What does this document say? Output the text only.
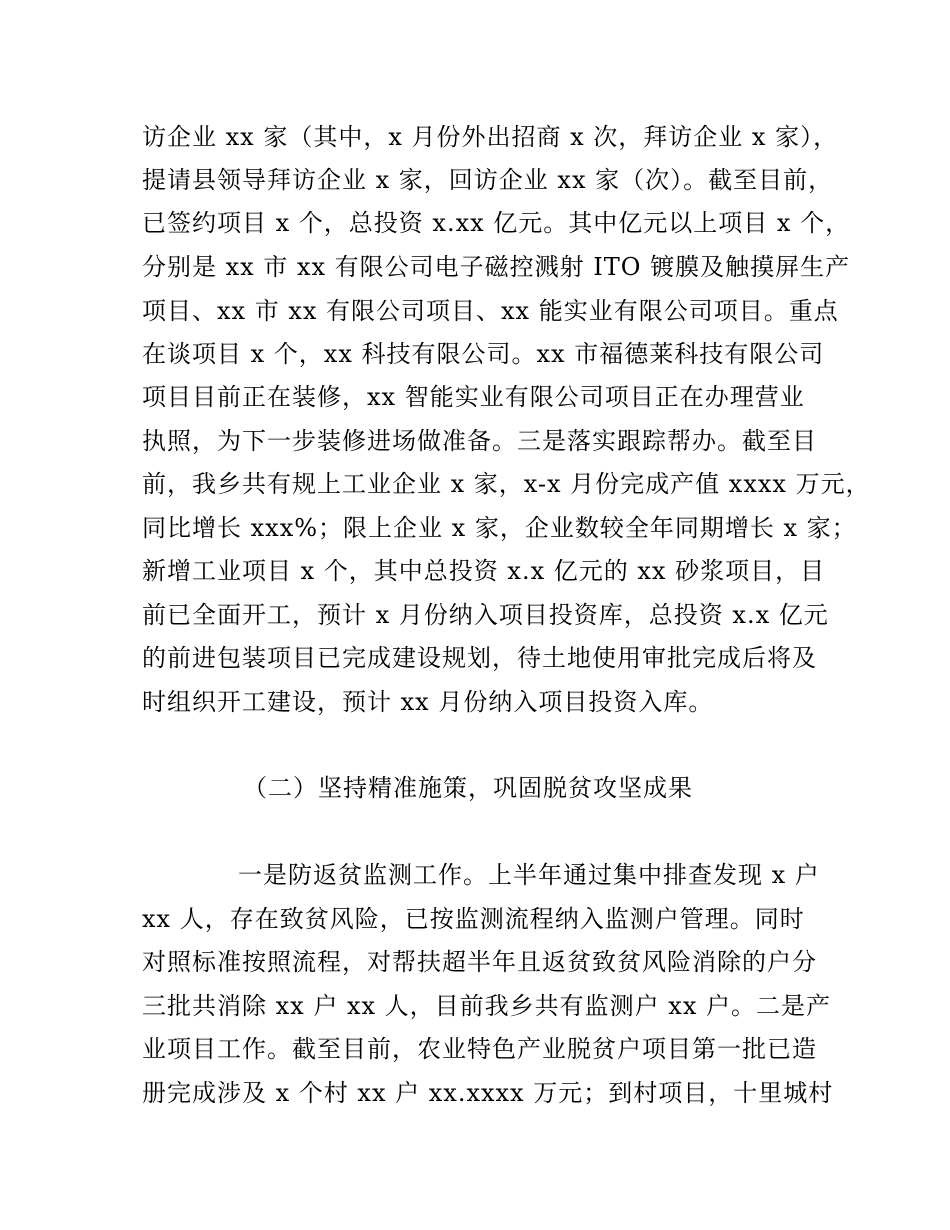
访企业 xx 家（其中，x 月份外出招商 x 次，拜访企业 x 家），
提请县领导拜访企业 x 家，回访企业 xx 家（次）。截至目前，
已签约项目 x 个，总投资 x.xx 亿元。其中亿元以上项目 x 个，
分别是 xx 市 xx 有限公司电子磁控溅射 ITO 镀膜及触摸屏生产
项目、xx 市 xx 有限公司项目、xx 能实业有限公司项目。重点
在谈项目 x 个，xx 科技有限公司。xx 市福德莱科技有限公司
项目目前正在装修，xx 智能实业有限公司项目正在办理营业
执照，为下一步装修进场做准备。三是落实跟踪帮办。截至目
前，我乡共有规上工业企业 x 家，x-x 月份完成产值 xxxx 万元，
同比增长 xxx%；限上企业 x 家，企业数较全年同期增长 x 家；
新增工业项目 x 个，其中总投资 x.x 亿元的 xx 砂浆项目，目
前已全面开工，预计 x 月份纳入项目投资库，总投资 x.x 亿元
的前进包装项目已完成建设规划，待土地使用审批完成后将及
时组织开工建设，预计 xx 月份纳入项目投资入库。
（二）坚持精准施策，巩固脱贫攻坚成果
一是防返贫监测工作。上半年通过集中排查发现 x 户
xx 人，存在致贫风险，已按监测流程纳入监测户管理。同时
对照标准按照流程，对帮扶超半年且返贫致贫风险消除的户分
三批共消除 xx 户 xx 人，目前我乡共有监测户 xx 户。二是产
业项目工作。截至目前，农业特色产业脱贫户项目第一批已造
册完成涉及 x 个村 xx 户 xx.xxxx 万元；到村项目，十里城村
